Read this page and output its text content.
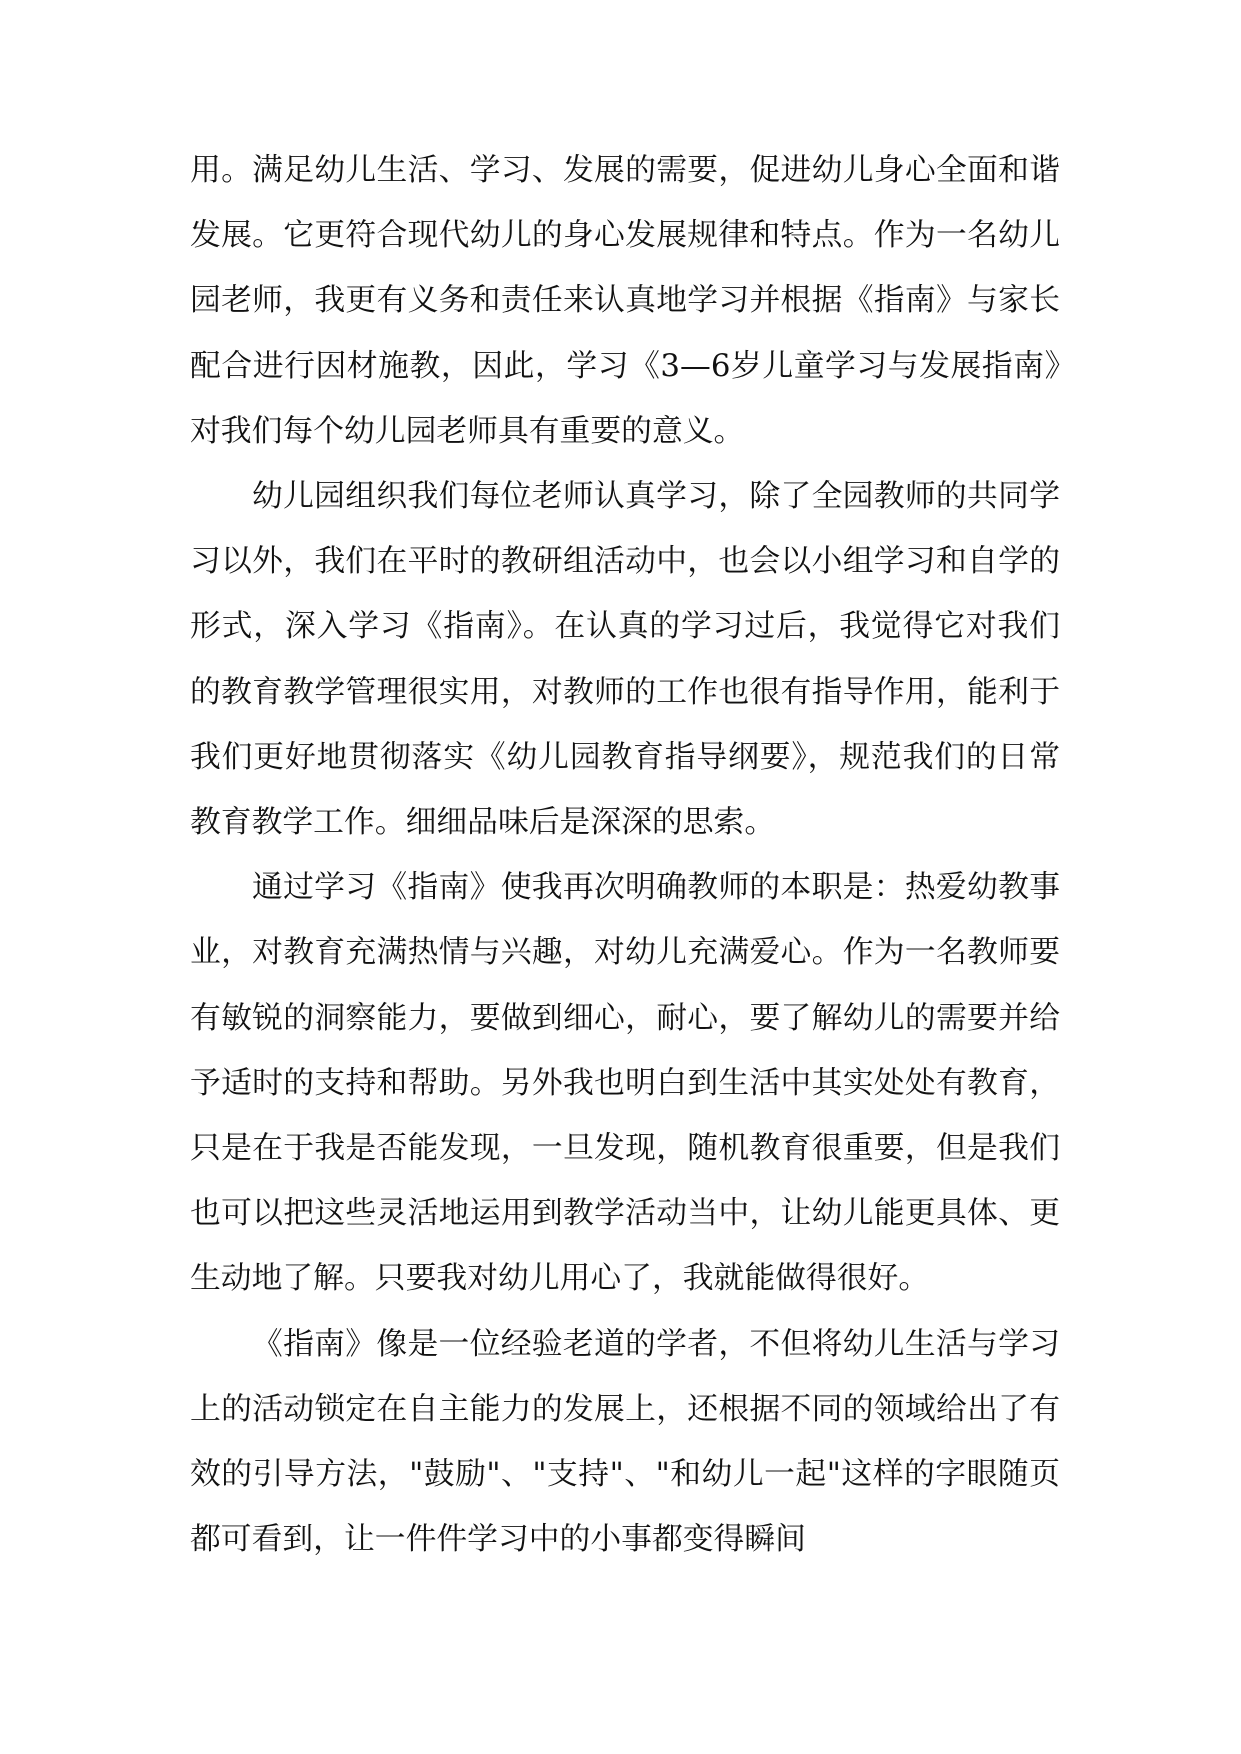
用。满足幼儿生活、学习、发展的需要，促进幼儿身心全面和谐发展。它更符合现代幼儿的身心发展规律和特点。作为一名幼儿园老师，我更有义务和责任来认真地学习并根据《指南》与家长配合进行因材施教，因此，学习《3—6岁儿童学习与发展指南》对我们每个幼儿园老师具有重要的意义。

幼儿园组织我们每位老师认真学习，除了全园教师的共同学习以外，我们在平时的教研组活动中，也会以小组学习和自学的形式，深入学习《指南》。在认真的学习过后，我觉得它对我们的教育教学管理很实用，对教师的工作也很有指导作用，能利于我们更好地贯彻落实《幼儿园教育指导纲要》，规范我们的日常教育教学工作。细细品味后是深深的思索。

通过学习《指南》使我再次明确教师的本职是：热爱幼教事业，对教育充满热情与兴趣，对幼儿充满爱心。作为一名教师要有敏锐的洞察能力，要做到细心，耐心，要了解幼儿的需要并给予适时的支持和帮助。另外我也明白到生活中其实处处有教育，只是在于我是否能发现，一旦发现，随机教育很重要，但是我们也可以把这些灵活地运用到教学活动当中，让幼儿能更具体、更生动地了解。只要我对幼儿用心了，我就能做得很好。

《指南》像是一位经验老道的学者，不但将幼儿生活与学习上的活动锁定在自主能力的发展上，还根据不同的领域给出了有效的引导方法，"鼓励"、"支持"、"和幼儿一起"这样的字眼随页都可看到，让一件件学习中的小事都变得瞬间
